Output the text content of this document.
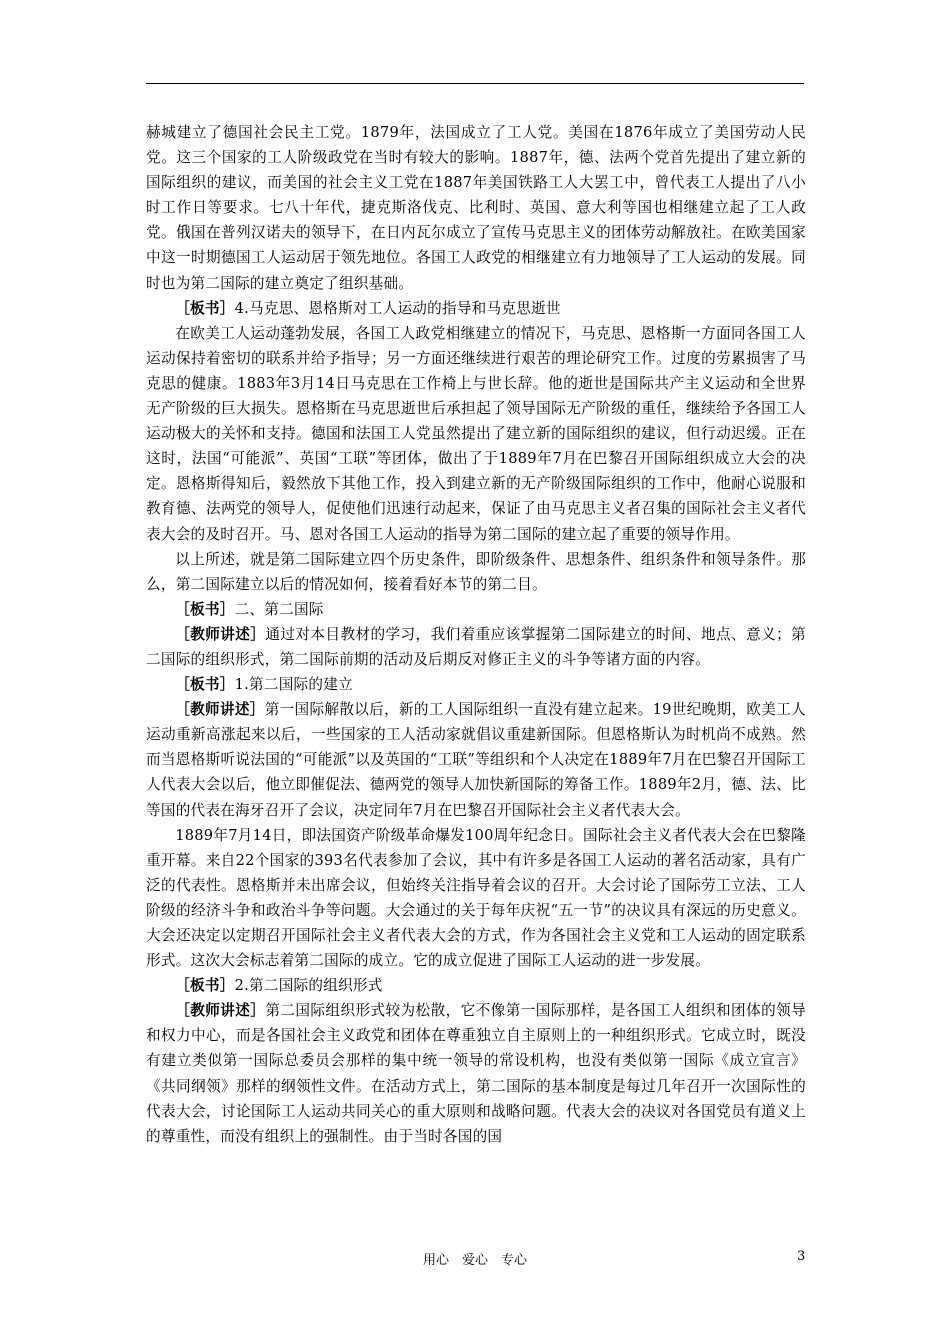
赫城建立了德国社会民主工党。1879年，法国成立了工人党。美国在1876年成立了美国劳动人民党。这三个国家的工人阶级政党在当时有较大的影响。1887年，德、法两个党首先提出了建立新的国际组织的建议，而美国的社会主义工党在1887年美国铁路工人大罢工中，曾代表工人提出了八小时工作日等要求。七八十年代，捷克斯洛伐克、比利时、英国、意大利等国也相继建立起了工人政党。俄国在普列汉诺夫的领导下，在日内瓦尔成立了宣传马克思主义的团体劳动解放社。在欧美国家中这一时期德国工人运动居于领先地位。各国工人政党的相继建立有力地领导了工人运动的发展。同时也为第二国际的建立奠定了组织基础。

［板书］4.马克思、恩格斯对工人运动的指导和马克思逝世

在欧美工人运动蓬勃发展，各国工人政党相继建立的情况下，马克思、恩格斯一方面同各国工人运动保持着密切的联系并给予指导；另一方面还继续进行艰苦的理论研究工作。过度的劳累损害了马克思的健康。1883年3月14日马克思在工作椅上与世长辞。他的逝世是国际共产主义运动和全世界无产阶级的巨大损失。恩格斯在马克思逝世后承担起了领导国际无产阶级的重任，继续给予各国工人运动极大的关怀和支持。德国和法国工人党虽然提出了建立新的国际组织的建议，但行动迟缓。正在这时，法国“可能派”、英国“工联”等团体，做出了于1889年7月在巴黎召开国际组织成立大会的决定。恩格斯得知后，毅然放下其他工作，投入到建立新的无产阶级国际组织的工作中，他耐心说服和教育德、法两党的领导人，促使他们迅速行动起来，保证了由马克思主义者召集的国际社会主义者代表大会的及时召开。马、恩对各国工人运动的指导为第二国际的建立起了重要的领导作用。

以上所述，就是第二国际建立四个历史条件，即阶级条件、思想条件、组织条件和领导条件。那么，第二国际建立以后的情况如何，接着看好本节的第二目。

［板书］二、第二国际

［教师讲述］通过对本目教材的学习，我们着重应该掌握第二国际建立的时间、地点、意义；第二国际的组织形式，第二国际前期的活动及后期反对修正主义的斗争等诸方面的内容。

［板书］1.第二国际的建立

［教师讲述］第一国际解散以后，新的工人国际组织一直没有建立起来。19世纪晚期，欧美工人运动重新高涨起来以后，一些国家的工人活动家就倡议重建新国际。但恩格斯认为时机尚不成熟。然而当恩格斯听说法国的“可能派”以及英国的“工联”等组织和个人决定在1889年7月在巴黎召开国际工人代表大会以后，他立即催促法、德两党的领导人加快新国际的筹备工作。1889年2月，德、法、比等国的代表在海牙召开了会议，决定同年7月在巴黎召开国际社会主义者代表大会。

1889年7月14日，即法国资产阶级革命爆发100周年纪念日。国际社会主义者代表大会在巴黎隆重开幕。来自22个国家的393名代表参加了会议，其中有许多是各国工人运动的著名活动家，具有广泛的代表性。恩格斯并未出席会议，但始终关注指导着会议的召开。大会讨论了国际劳工立法、工人阶级的经济斗争和政治斗争等问题。大会通过的关于每年庆祝“五一节”的决议具有深远的历史意义。大会还决定以定期召开国际社会主义者代表大会的方式，作为各国社会主义党和工人运动的固定联系形式。这次大会标志着第二国际的成立。它的成立促进了国际工人运动的进一步发展。

［板书］2.第二国际的组织形式

［教师讲述］第二国际组织形式较为松散，它不像第一国际那样，是各国工人组织和团体的领导和权力中心，而是各国社会主义政党和团体在尊重独立自主原则上的一种组织形式。它成立时，既没有建立类似第一国际总委员会那样的集中统一领导的常设机构，也没有类似第一国际《成立宣言》《共同纲领》那样的纲领性文件。在活动方式上，第二国际的基本制度是每过几年召开一次国际性的代表大会，讨论国际工人运动共同关心的重大原则和战略问题。代表大会的决议对各国党员有道义上的尊重性，而没有组织上的强制性。由于当时各国的国

用心　爱心　专心	3
